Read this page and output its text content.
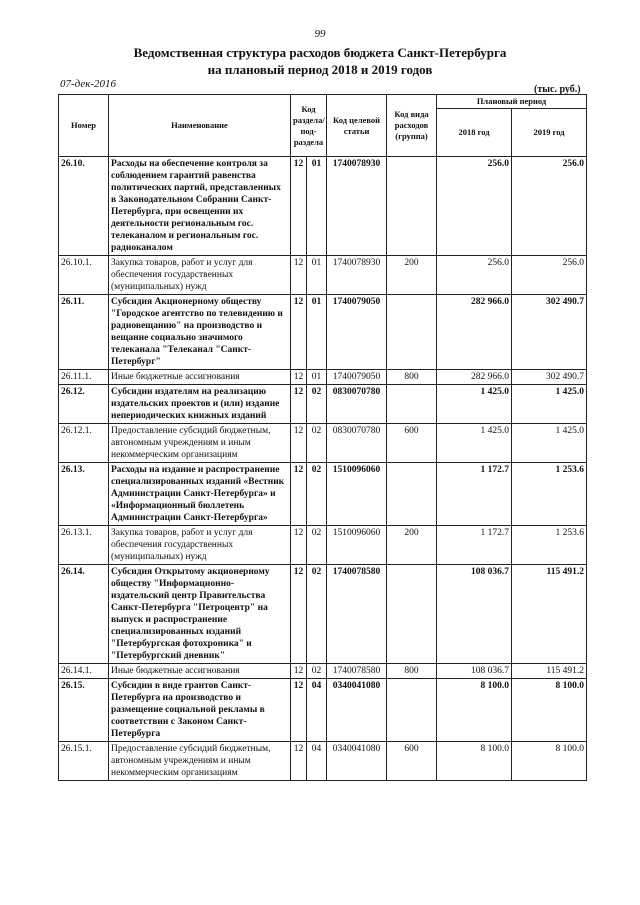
99
Ведомственная структура расходов бюджета Санкт-Петербурга
на плановый период 2018 и 2019 годов
07-дек-2016	(тыс. руб.)
Номер	Наименование	Код раздела/ под- раздела		Код целевой статьи	Код вида расходов (группа)	Плановый период	
						2018 год	2019 год
26.10.	Расходы на обеспечение контроля за соблюдением гарантий равенства политических партий, представленных в Законодательном Собрании Санкт-Петербурга, при освещении их деятельности региональным гос. телеканалом и региональным гос. радиоканалом	12	01	1740078930		256.0	256.0
26.10.1.	Закупка товаров, работ и услуг для обеспечения государственных (муниципальных) нужд	12	01	1740078930	200	256.0	256.0
26.11.	Субсидия Акционерному обществу "Городское агентство по телевидению и радиовещанию" на производство и вещание социально значимого телеканала "Телеканал "Санкт-Петербург"	12	01	1740079050		282 966.0	302 490.7
26.11.1.	Иные бюджетные ассигнования	12	01	1740079050	800	282 966.0	302 490.7
26.12.	Субсидии издателям на реализацию издательских проектов и (или) издание непериодических книжных изданий	12	02	0830070780		1 425.0	1 425.0
26.12.1.	Предоставление субсидий бюджетным, автономным учреждениям и иным некоммерческим организациям	12	02	0830070780	600	1 425.0	1 425.0
26.13.	Расходы на издание и распространение специализированных изданий «Вестник Администрации Санкт-Петербурга» и «Информационный бюллетень Администрации Санкт-Петербурга»	12	02	1510096060		1 172.7	1 253.6
26.13.1.	Закупка товаров, работ и услуг для обеспечения государственных (муниципальных) нужд	12	02	1510096060	200	1 172.7	1 253.6
26.14.	Субсидия Открытому акционерному обществу "Информационно-издательский центр Правительства Санкт-Петербурга "Петроцентр" на выпуск и распространение специализированных изданий "Петербургская фотохроника" и "Петербургский дневник"	12	02	1740078580		108 036.7	115 491.2
26.14.1.	Иные бюджетные ассигнования	12	02	1740078580	800	108 036.7	115 491.2
26.15.	Субсидии в виде грантов Санкт-Петербурга на производство и размещение социальной рекламы в соответствии с Законом Санкт-Петербурга	12	04	0340041080		8 100.0	8 100.0
26.15.1.	Предоставление субсидий бюджетным, автономным учреждениям и иным некоммерческим организациям	12	04	0340041080	600	8 100.0	8 100.0
